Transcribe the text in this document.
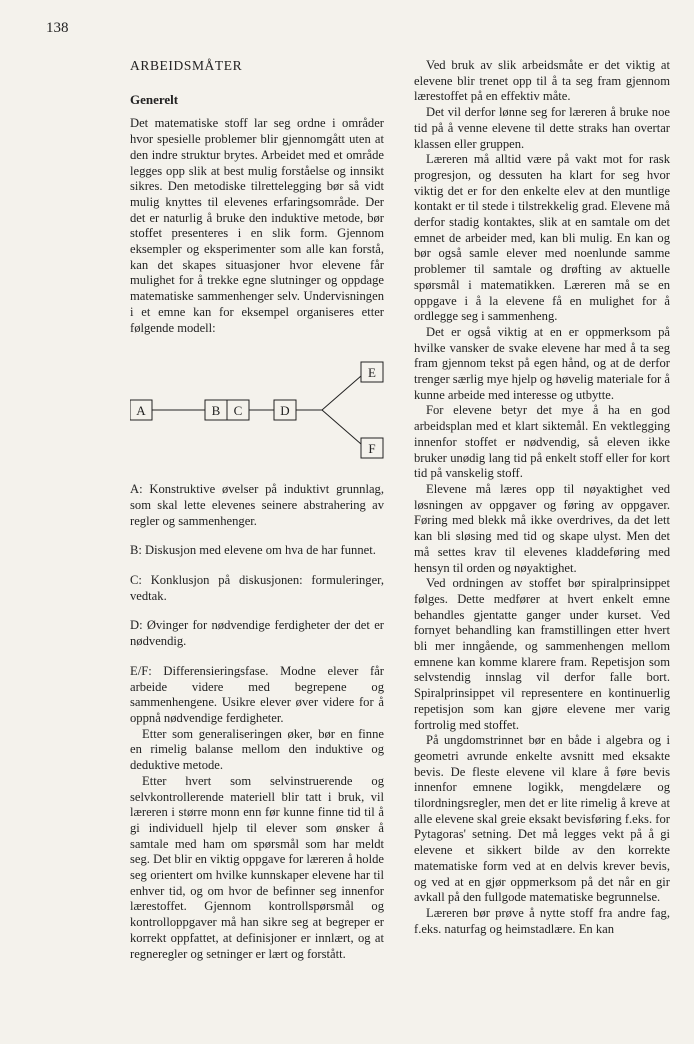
138
ARBEIDSMÅTER
Generelt

Det matematiske stoff lar seg ordne i områder hvor spesielle problemer blir gjennomgått uten at den indre struktur brytes. Arbeidet med et område legges opp slik at best mulig forståelse og innsikt sikres. Den metodiske tilrettelegging bør så vidt mulig knyttes til elevenes erfaringsområde. Der det er naturlig å bruke den induktive metode, bør stoffet presenteres i en slik form. Gjennom eksempler og eksperimenter som alle kan forstå, kan det skapes situasjoner hvor elevene får mulighet for å trekke egne slutninger og oppdage matematiske sammenhenger selv. Undervisningen i et emne kan for eksempel organiseres etter følgende modell:

A	B C	D
E
F

A: Konstruktive øvelser på induktivt grunnlag, som skal lette elevenes seinere abstrahering av regler og sammenhenger.

B: Diskusjon med elevene om hva de har funnet.

C: Konklusjon på diskusjonen: formuleringer, vedtak.

D: Øvinger for nødvendige ferdigheter der det er nødvendig.

E/F: Differensieringsfase. Modne elever får arbeide videre med begrepene og sammenhengene. Usikre elever øver videre for å oppnå nødvendige ferdigheter.

Etter som generaliseringen øker, bør en finne en rimelig balanse mellom den induktive og deduktive metode.

Etter hvert som selvinstruerende og selvkontrollerende materiell blir tatt i bruk, vil læreren i større monn enn før kunne finne tid til å gi individuell hjelp til elever som ønsker å samtale med ham om spørsmål som har meldt seg. Det blir en viktig oppgave for læreren å holde seg orientert om hvilke kunnskaper elevene har til enhver tid, og om hvor de befinner seg innenfor lærestoffet. Gjennom kontrollspørsmål og kontrolloppgaver må han sikre seg at begreper er korrekt oppfattet, at definisjoner er innlært, og at regneregler og setninger er lært og forstått.

Ved bruk av slik arbeidsmåte er det viktig at elevene blir trenet opp til å ta seg fram gjennom lærestoffet på en effektiv måte.

Det vil derfor lønne seg for læreren å bruke noe tid på å venne elevene til dette straks han overtar klassen eller gruppen.

Læreren må alltid være på vakt mot for rask progresjon, og dessuten ha klart for seg hvor viktig det er for den enkelte elev at den muntlige kontakt er til stede i tilstrekkelig grad. Elevene må derfor stadig kontaktes, slik at en samtale om det emnet de arbeider med, kan bli mulig. En kan og bør også samle elever med noenlunde samme problemer til samtale og drøfting av aktuelle spørsmål i matematikken. Læreren må se en oppgave i å la elevene få en mulighet for å ordlegge seg i sammenheng.

Det er også viktig at en er oppmerksom på hvilke vansker de svake elevene har med å ta seg fram gjennom tekst på egen hånd, og at de derfor trenger særlig mye hjelp og høvelig materiale for å kunne arbeide med interesse og utbytte.

For elevene betyr det mye å ha en god arbeidsplan med et klart siktemål. En vektlegging innenfor stoffet er nødvendig, så eleven ikke bruker unødig lang tid på enkelt stoff eller for kort tid på vanskelig stoff.

Elevene må læres opp til nøyaktighet ved løsningen av oppgaver og føring av oppgaver. Føring med blekk må ikke overdrives, da det lett kan bli sløsing med tid og skape ulyst. Men det må settes krav til elevenes kladdeføring med hensyn til orden og nøyaktighet.

Ved ordningen av stoffet bør spiralprinsippet følges. Dette medfører at hvert enkelt emne behandles gjentatte ganger under kurset. Ved fornyet behandling kan framstillingen etter hvert bli mer inngående, og sammenhengen mellom emnene kan komme klarere fram. Repetisjon som selvstendig innslag vil derfor falle bort. Spiralprinsippet vil representere en kontinuerlig repetisjon som kan gjøre elevene mer varig fortrolig med stoffet.

På ungdomstrinnet bør en både i algebra og i geometri avrunde enkelte avsnitt med eksakte bevis. De fleste elevene vil klare å føre bevis innenfor emnene logikk, mengdelære og tilordningsregler, men det er lite rimelig å kreve at alle elevene skal greie eksakt bevisføring f.eks. for Pytagoras' setning. Det må legges vekt på å gi elevene et sikkert bilde av den korrekte matematiske form ved at en delvis krever bevis, og ved at en gjør oppmerksom på det når en gir avkall på den fullgode matematiske begrunnelse.

Læreren bør prøve å nytte stoff fra andre fag, f.eks. naturfag og heimstadlære. En kan
